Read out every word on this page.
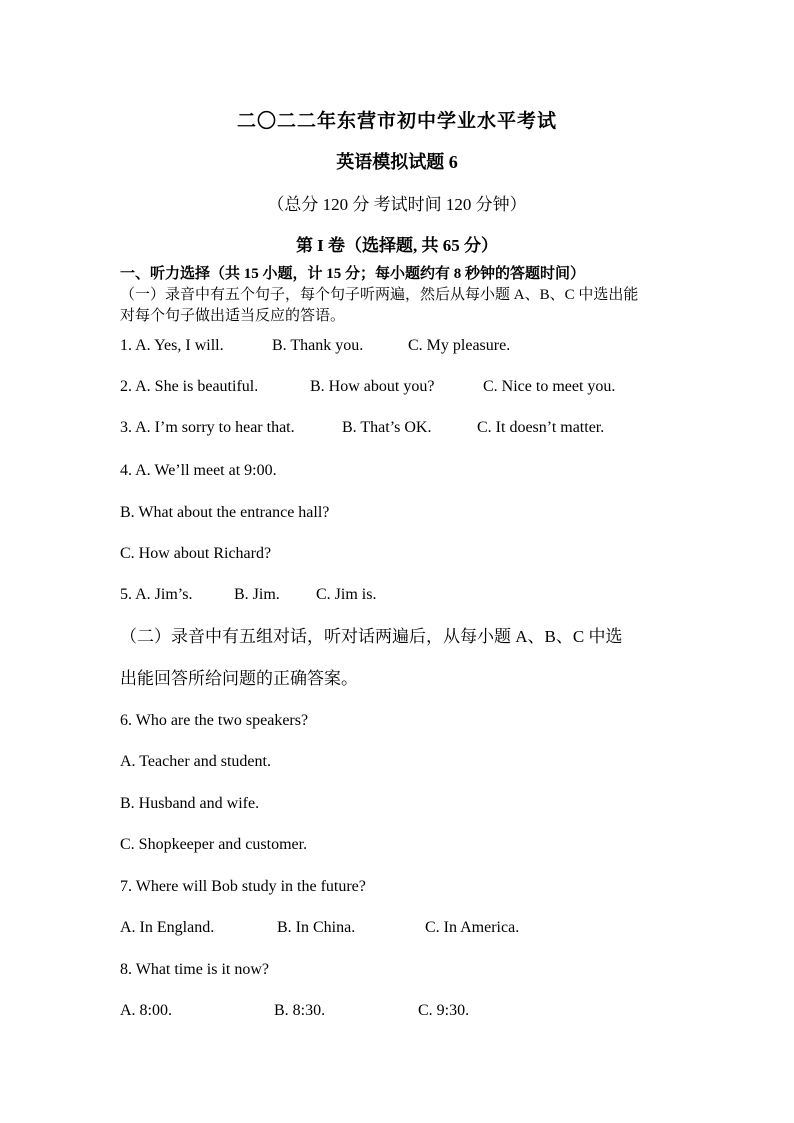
二〇二二年东营市初中学业水平考试
英语模拟试题 6
（总分 120 分 考试时间 120 分钟）
第 I 卷（选择题, 共 65 分）
一、听力选择（共 15 小题，计 15 分；每小题约有 8 秒钟的答题时间）
（一）录音中有五个句子，每个句子听两遍，然后从每小题 A、B、C 中选出能
对每个句子做出适当反应的答语。
1. A. Yes, I will.	B. Thank you.	C. My pleasure.
2. A. She is beautiful.	B. How about you?	C. Nice to meet you.
3. A. I’m sorry to hear that.	B. That’s OK.	C. It doesn’t matter.
4. A. We’ll meet at 9:00.
B. What about the entrance hall?
C. How about Richard?
5. A. Jim’s.	B. Jim. C. Jim is.
（二）录音中有五组对话，听对话两遍后，从每小题 A、B、C 中选
出能回答所给问题的正确答案。
6. Who are the two speakers?
A. Teacher and student.
B. Husband and wife.
C. Shopkeeper and customer.
7. Where will Bob study in the future?
A. In England.	B. In China.	C. In America.
8. What time is it now?
A. 8:00.	B. 8:30.	C. 9:30.
